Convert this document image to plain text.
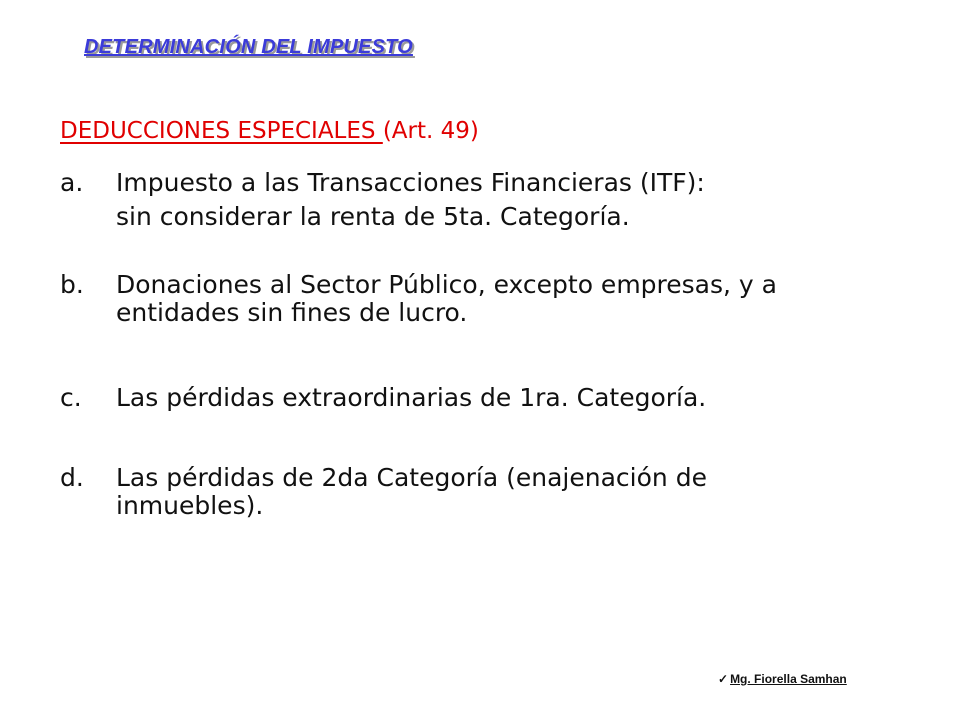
DETERMINACIÓN DEL IMPUESTO
DEDUCCIONES ESPECIALES (Art. 49)
a. Impuesto a las Transacciones Financieras (ITF):
sin considerar la renta de 5ta. Categoría.
b. Donaciones al Sector Público, excepto empresas, y a
entidades sin fines de lucro.
c. Las pérdidas extraordinarias de 1ra. Categoría.
d. Las pérdidas de 2da Categoría (enajenación de
inmuebles).
✓ Mg. Fiorella Samhan
